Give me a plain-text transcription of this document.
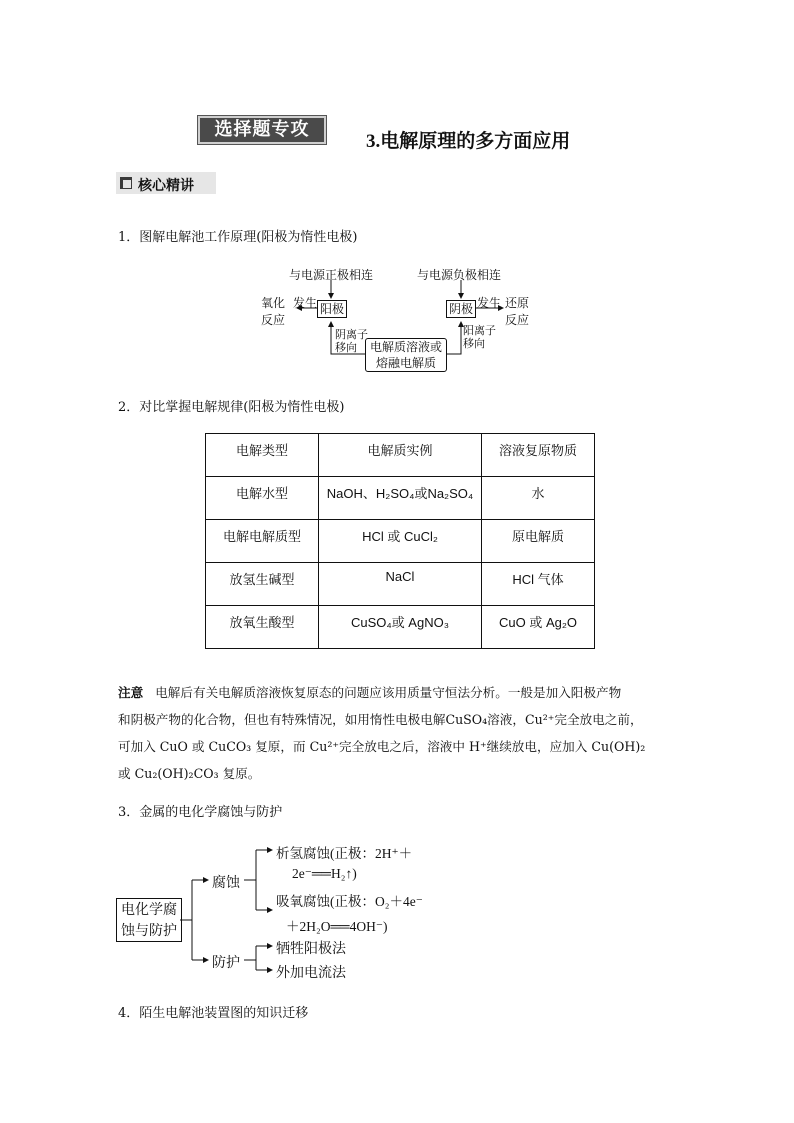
选择题专攻
3.电解原理的多方面应用
核心精讲
1．图解电解池工作原理(阳极为惰性电极)
与电源正极相连	与电源负极相连
阳极	阴极
氧化
反应
发生	发生 还原
反应
阴离子
移向
阳离子
移向
电解质溶液或
熔融电解质
2．对比掌握电解规律(阳极为惰性电极)
电解类型	电解质实例	溶液复原物质
电解水型	NaOH、H₂SO₄或Na₂SO₄	水
电解电解质型	HCl 或 CuCl₂	原电解质
放氢生碱型	NaCl	HCl 气体
放氧生酸型	CuSO₄或 AgNO₃	CuO 或 Ag₂O
注意 电解后有关电解质溶液恢复原态的问题应该用质量守恒法分析。一般是加入阳极产物
和阴极产物的化合物，但也有特殊情况，如用惰性电极电解CuSO₄溶液，Cu²⁺完全放电之前，
可加入 CuO 或 CuCO₃ 复原，而 Cu²⁺完全放电之后，溶液中 H⁺继续放电，应加入 Cu(OH)₂
或 Cu₂(OH)₂CO₃ 复原。
3．金属的电化学腐蚀与防护
电化学腐
蚀与防护
腐蚀
防护
析氢腐蚀(正极：2H⁺＋
2e⁻══H₂↑)
吸氧腐蚀(正极：O₂＋4e⁻
＋2H₂O══4OH⁻)
牺牲阳极法
外加电流法
4．陌生电解池装置图的知识迁移
